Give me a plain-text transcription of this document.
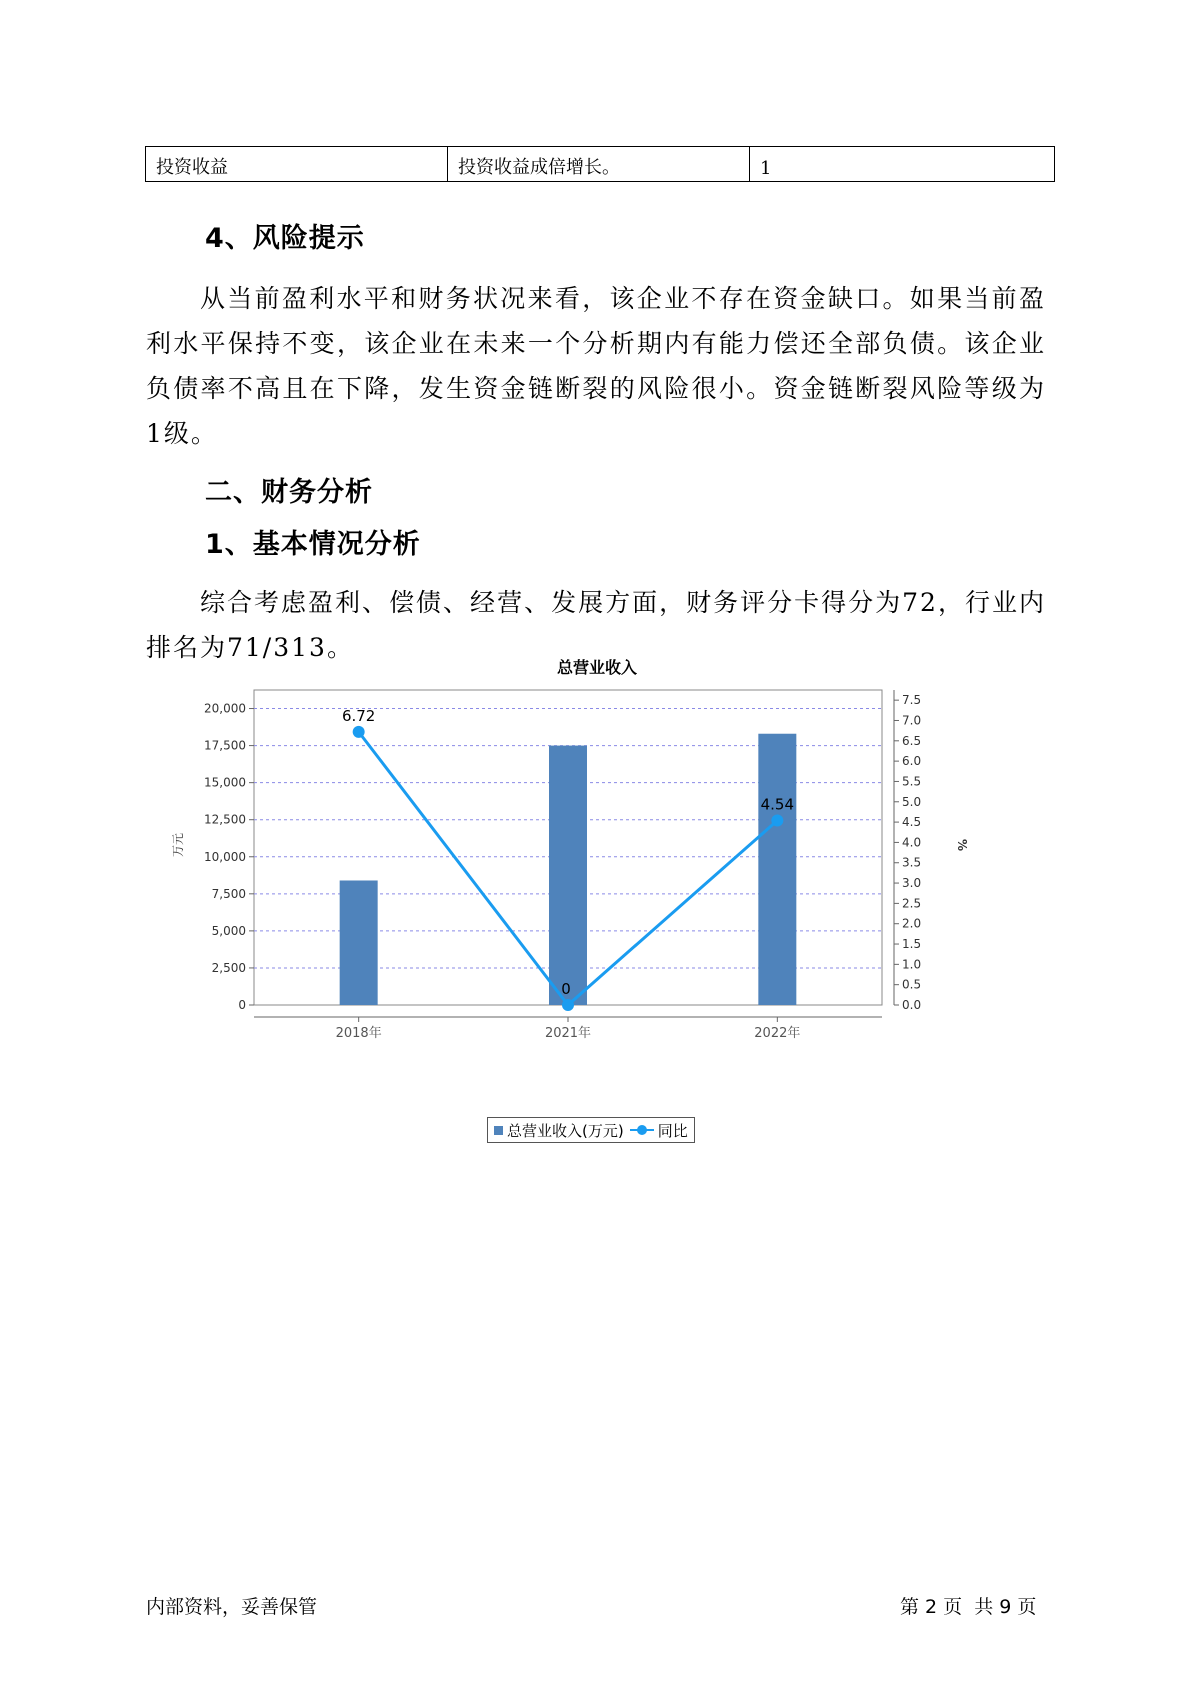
投资收益	投资收益成倍增长。	1
4、风险提示
从当前盈利水平和财务状况来看，该企业不存在资金缺口。如果当前盈利水平保持不变，该企业在未来一个分析期内有能力偿还全部负债。该企业负债率不高且在下降，发生资金链断裂的风险很小。资金链断裂风险等级为1级。
二、财务分析
1、基本情况分析
综合考虑盈利、偿债、经营、发展方面，财务评分卡得分为72，行业内排名为71/313。
总营业收入
0
2,500
5,000
7,500
10,000
12,500
15,000
17,500
20,000
万元
0.0
0.5
1.0
1.5
2.0
2.5
3.0
3.5
4.0
4.5
5.0
5.5
6.0
6.5
7.0
7.5
%
2018年	2021年	2022年
6.72
0
4.54
总营业收入(万元) 同比
内部资料，妥善保管	第 2 页  共 9 页
